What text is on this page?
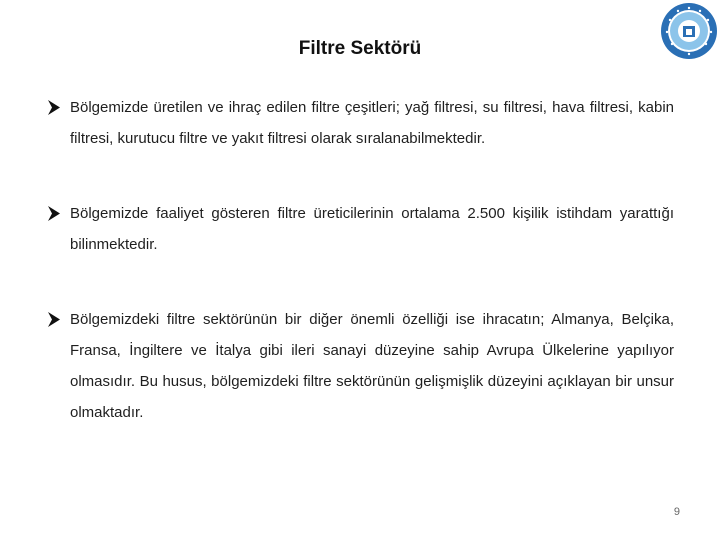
Filtre Sektörü
Bölgemizde üretilen ve ihraç edilen filtre çeşitleri; yağ filtresi, su filtresi, hava filtresi, kabin filtresi, kurutucu filtre ve yakıt filtresi olarak sıralanabilmektedir.
Bölgemizde faaliyet gösteren filtre üreticilerinin ortalama 2.500 kişilik istihdam yarattığı bilinmektedir.
Bölgemizdeki filtre sektörünün bir diğer önemli özelliği ise ihracatın; Almanya, Belçika, Fransa, İngiltere ve İtalya gibi ileri sanayi düzeyine sahip Avrupa Ülkelerine yapılıyor olmasıdır. Bu husus, bölgemizdeki filtre sektörünün gelişmişlik düzeyini açıklayan bir unsur olmaktadır.
9
